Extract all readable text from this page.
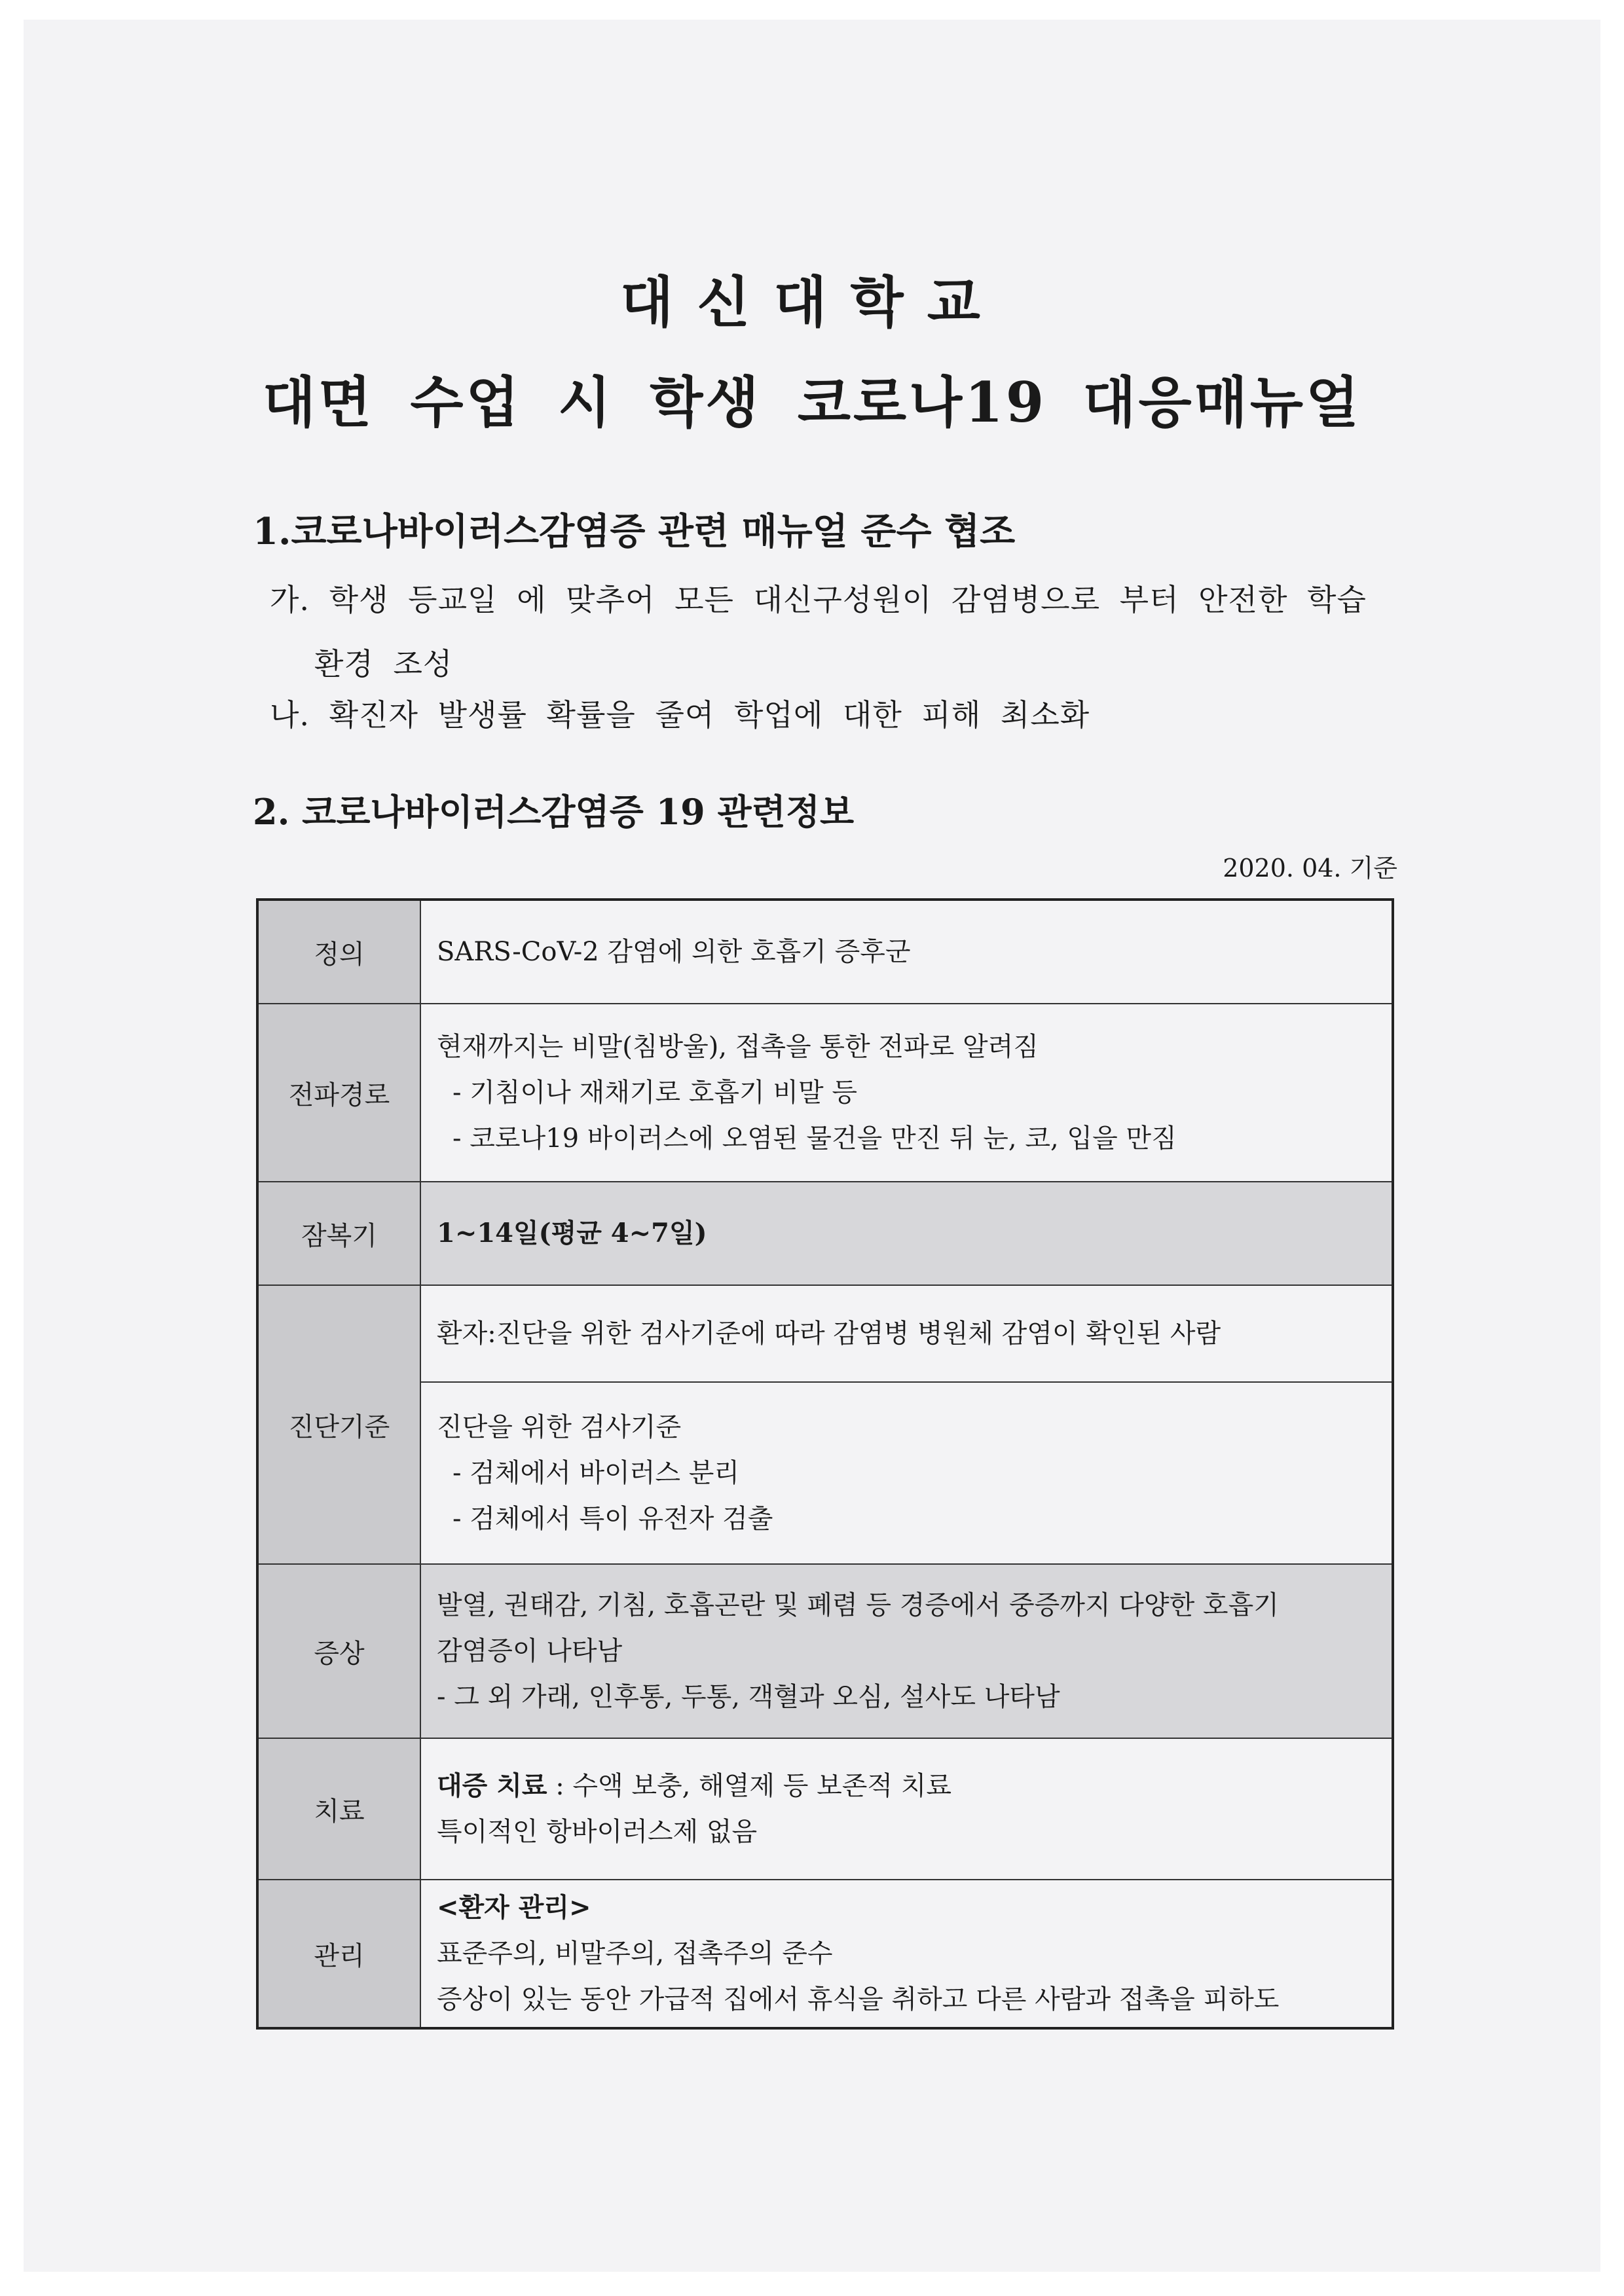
대신대학교
대면 수업 시 학생 코로나19 대응매뉴얼
1.코로나바이러스감염증 관련 매뉴얼 준수 협조
가. 학생 등교일 에 맞추어 모든 대신구성원이 감염병으로 부터 안전한 학습
환경 조성
나. 확진자 발생률 확률을 줄여 학업에 대한 피해 최소화
2. 코로나바이러스감염증 19 관련정보
2020. 04. 기준
정의	SARS-CoV-2 감염에 의한 호흡기 증후군
전파경로	현재까지는 비말(침방울), 접촉을 통한 전파로 알려짐
- 기침이나 재채기로 호흡기 비말 등
- 코로나19 바이러스에 오염된 물건을 만진 뒤 눈, 코, 입을 만짐

잠복기	1~14일(평균 4~7일)
진단기준	환자:진단을 위한 검사기준에 따라 감염병 병원체 감염이 확인된 사람

	진단을 위한 검사기준
- 검체에서 바이러스 분리
- 검체에서 특이 유전자 검출

증상	발열, 권태감, 기침, 호흡곤란 및 폐렴 등 경증에서 중증까지 다양한 호흡기
감염증이 나타남
- 그 외 가래, 인후통, 두통, 객혈과 오심, 설사도 나타남

치료	대증 치료 : 수액 보충, 해열제 등 보존적 치료
특이적인 항바이러스제 없음

관리	<환자 관리>
표준주의, 비말주의, 접촉주의 준수
증상이 있는 동안 가급적 집에서 휴식을 취하고 다른 사람과 접촉을 피하도
